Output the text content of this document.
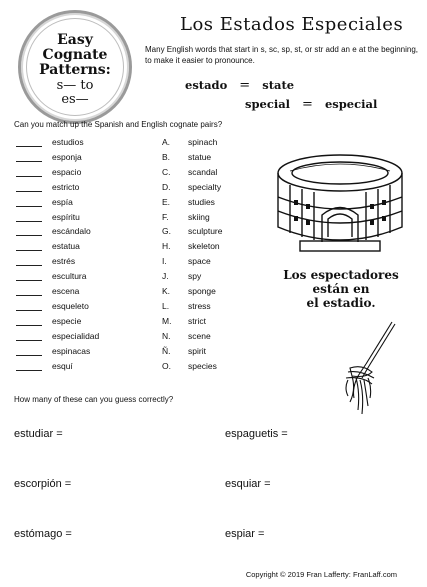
Easy
Cognate
Patterns:
s— to
es—
Los Estados Especiales
Many English words that start in s, sc, sp, st, or str add an e at the beginning, to make it easier to pronounce.
estado = state
special = especial
Can you match up the Spanish and English cognate pairs?
estudios	A.	spinach
esponja	B.	statue
espacio	C.	scandal
estricto	D.	specialty
espía	E.	studies
espíritu	F.	skiing
escándalo	G.	sculpture
estatua	H.	skeleton
estrés	I.	space
escultura	J.	spy
escena	K.	sponge
esqueleto	L.	stress
especie	M.	strict
especialidad	N.	scene
espinacas	Ñ.	spirit
esquí	O.	species
Los espectadores
están en
el estadio.
How many of these can you guess correctly?
estudiar =	espaguetis =
escorpión =	esquiar =
estómago =	espiar =
Copyright © 2019 Fran Lafferty: FranLaff.com
